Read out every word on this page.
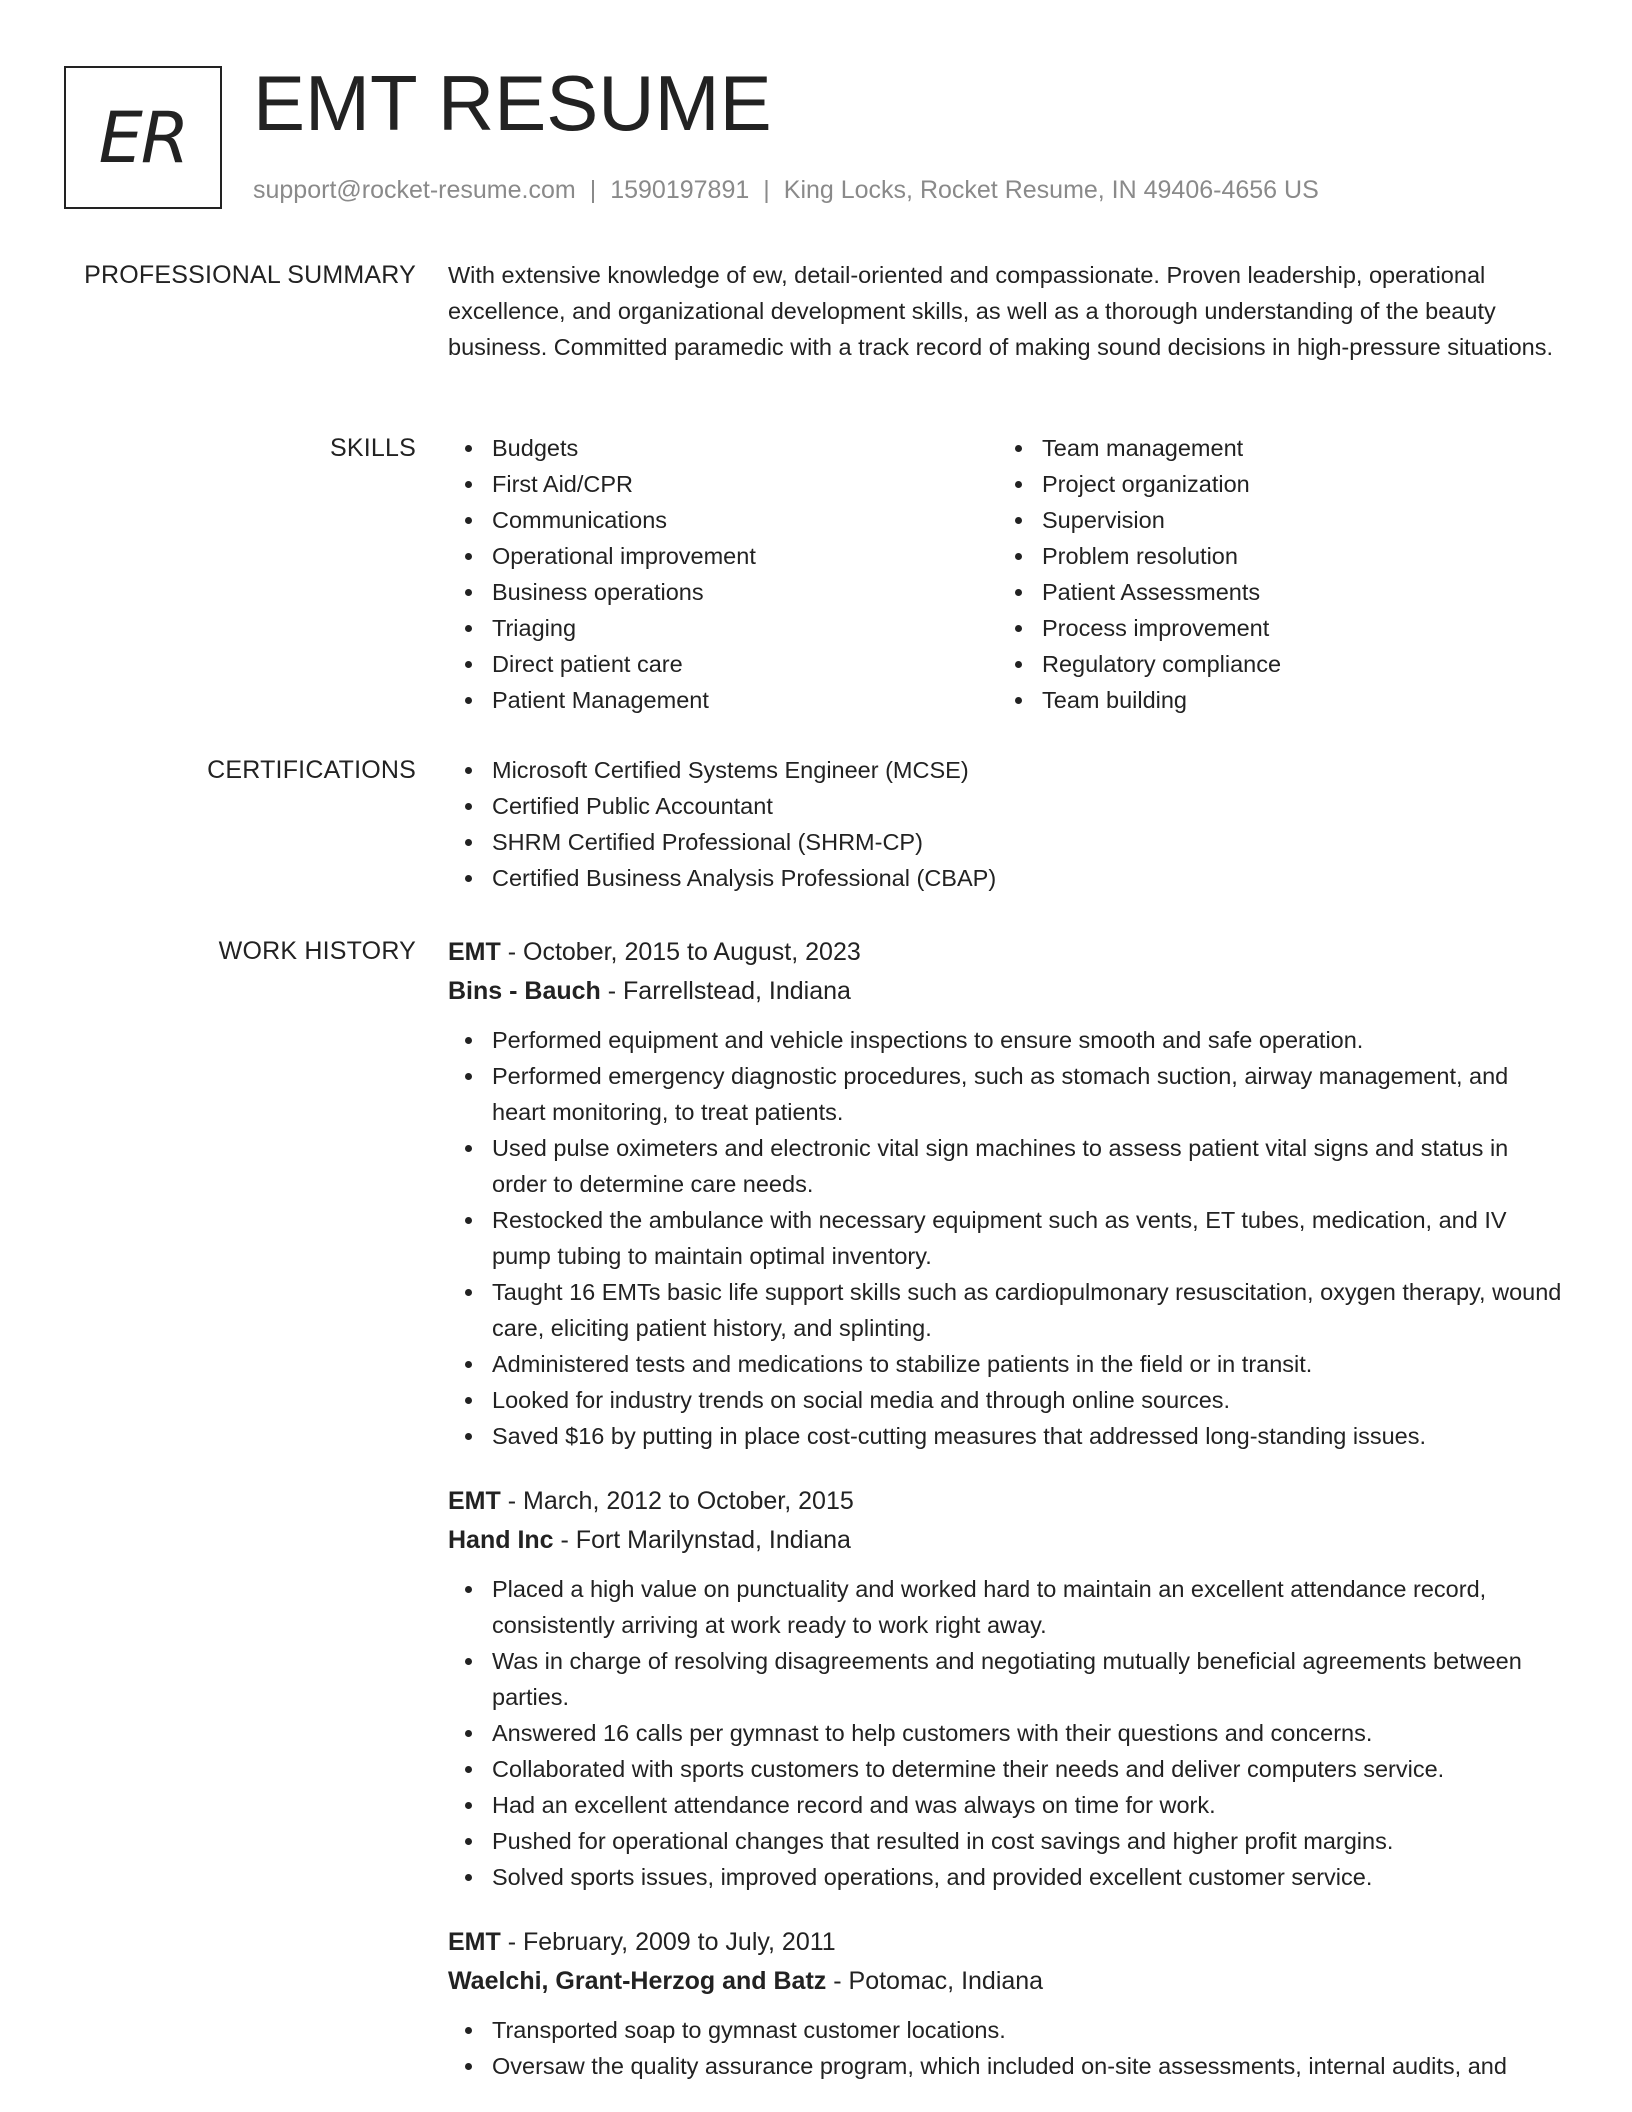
ER EMT RESUME
support@rocket-resume.com | 1590197891 | King Locks, Rocket Resume, IN 49406-4656 US
PROFESSIONAL SUMMARY With extensive knowledge of ew, detail-oriented and compassionate. Proven leadership, operational excellence, and organizational development skills, as well as a thorough understanding of the beauty business. Committed paramedic with a track record of making sound decisions in high-pressure situations.
SKILLS	Budgets
First Aid/CPR
Communications
Operational improvement
Business operations
Triaging
Direct patient care
Patient Management
Team management
Project organization
Supervision
Problem resolution
Patient Assessments
Process improvement
Regulatory compliance
Team building
CERTIFICATIONS	Microsoft Certified Systems Engineer (MCSE)
Certified Public Accountant
SHRM Certified Professional (SHRM-CP)
Certified Business Analysis Professional (CBAP)
WORK HISTORY EMT - October, 2015 to August, 2023
Bins - Bauch - Farrellstead, Indiana
Performed equipment and vehicle inspections to ensure smooth and safe operation.
Performed emergency diagnostic procedures, such as stomach suction, airway management, and heart monitoring, to treat patients.
Used pulse oximeters and electronic vital sign machines to assess patient vital signs and status in order to determine care needs.
Restocked the ambulance with necessary equipment such as vents, ET tubes, medication, and IV pump tubing to maintain optimal inventory.
Taught 16 EMTs basic life support skills such as cardiopulmonary resuscitation, oxygen therapy, wound care, eliciting patient history, and splinting.
Administered tests and medications to stabilize patients in the field or in transit.
Looked for industry trends on social media and through online sources.
Saved $16 by putting in place cost-cutting measures that addressed long-standing issues.
EMT - March, 2012 to October, 2015
Hand Inc - Fort Marilynstad, Indiana
Placed a high value on punctuality and worked hard to maintain an excellent attendance record, consistently arriving at work ready to work right away.
Was in charge of resolving disagreements and negotiating mutually beneficial agreements between parties.
Answered 16 calls per gymnast to help customers with their questions and concerns.
Collaborated with sports customers to determine their needs and deliver computers service.
Had an excellent attendance record and was always on time for work.
Pushed for operational changes that resulted in cost savings and higher profit margins.
Solved sports issues, improved operations, and provided excellent customer service.
EMT - February, 2009 to July, 2011
Waelchi, Grant-Herzog and Batz - Potomac, Indiana
Transported soap to gymnast customer locations.
Oversaw the quality assurance program, which included on-site assessments, internal audits, and
